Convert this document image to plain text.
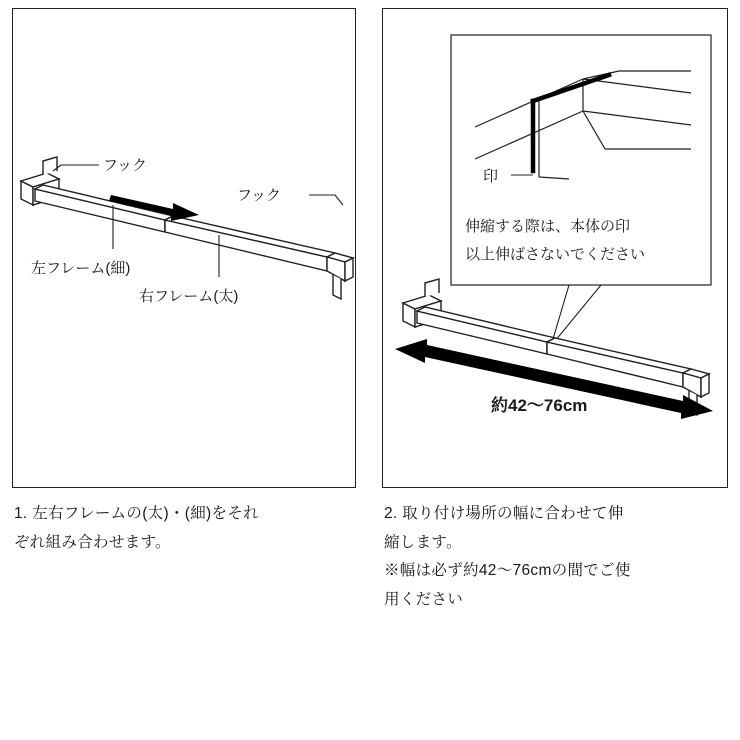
フック
フック
左フレーム(細)
右フレーム(太)
印
伸縮する際は、本体の印
以上伸ばさないでください
約42～76cm

1. 左右フレームの(太)・(細)をそれ

ぞれ組み合わせます。

2. 取り付け場所の幅に合わせて伸

縮します。

※幅は必ず約42～76cmの間でご使

用ください
